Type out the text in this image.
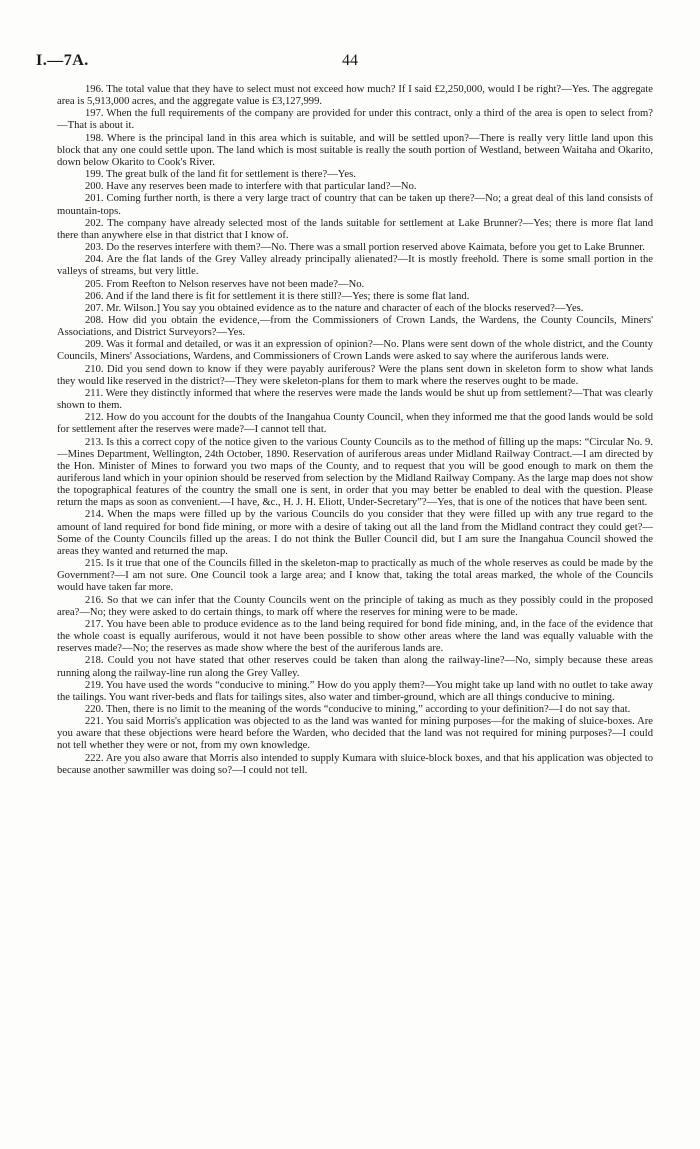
I.—7A.	44

196. The total value that they have to select must not exceed how much? If I said £2,250,000, would I be right?—Yes. The aggregate area is 5,913,000 acres, and the aggregate value is £3,127,999.

197. When the full requirements of the company are provided for under this contract, only a third of the area is open to select from?—That is about it.

198. Where is the principal land in this area which is suitable, and will be settled upon?—There is really very little land upon this block that any one could settle upon. The land which is most suitable is really the south portion of Westland, between Waitaha and Okarito, down below Okarito to Cook's River.

199. The great bulk of the land fit for settlement is there?—Yes.

200. Have any reserves been made to interfere with that particular land?—No.

201. Coming further north, is there a very large tract of country that can be taken up there?—No; a great deal of this land consists of mountain-tops.

202. The company have already selected most of the lands suitable for settlement at Lake Brunner?—Yes; there is more flat land there than anywhere else in that district that I know of.

203. Do the reserves interfere with them?—No. There was a small portion reserved above Kaimata, before you get to Lake Brunner.

204. Are the flat lands of the Grey Valley already principally alienated?—It is mostly freehold. There is some small portion in the valleys of streams, but very little.

205. From Reefton to Nelson reserves have not been made?—No.

206. And if the land there is fit for settlement it is there still?—Yes; there is some flat land.

207. Mr. Wilson.] You say you obtained evidence as to the nature and character of each of the blocks reserved?—Yes.

208. How did you obtain the evidence,—from the Commissioners of Crown Lands, the Wardens, the County Councils, Miners' Associations, and District Surveyors?—Yes.

209. Was it formal and detailed, or was it an expression of opinion?—No. Plans were sent down of the whole district, and the County Councils, Miners' Associations, Wardens, and Commissioners of Crown Lands were asked to say where the auriferous lands were.

210. Did you send down to know if they were payably auriferous? Were the plans sent down in skeleton form to show what lands they would like reserved in the district?—They were skeleton-plans for them to mark where the reserves ought to be made.

211. Were they distinctly informed that where the reserves were made the lands would be shut up from settlement?—That was clearly shown to them.

212. How do you account for the doubts of the Inangahua County Council, when they informed me that the good lands would be sold for settlement after the reserves were made?—I cannot tell that.

213. Is this a correct copy of the notice given to the various County Councils as to the method of filling up the maps: “Circular No. 9.—Mines Department, Wellington, 24th October, 1890. Reservation of auriferous areas under Midland Railway Contract.—I am directed by the Hon. Minister of Mines to forward you two maps of the County, and to request that you will be good enough to mark on them the auriferous land which in your opinion should be reserved from selection by the Midland Railway Company. As the large map does not show the topographical features of the country the small one is sent, in order that you may better be enabled to deal with the question. Please return the maps as soon as convenient.—I have, &c., H. J. H. Eliott, Under-Secretary”?—Yes, that is one of the notices that have been sent.

214. When the maps were filled up by the various Councils do you consider that they were filled up with any true regard to the amount of land required for bond fide mining, or more with a desire of taking out all the land from the Midland contract they could get?—Some of the County Councils filled up the areas. I do not think the Buller Council did, but I am sure the Inangahua Council showed the areas they wanted and returned the map.

215. Is it true that one of the Councils filled in the skeleton-map to practically as much of the whole reserves as could be made by the Government?—I am not sure. One Council took a large area; and I know that, taking the total areas marked, the whole of the Councils would have taken far more.

216. So that we can infer that the County Councils went on the principle of taking as much as they possibly could in the proposed area?—No; they were asked to do certain things, to mark off where the reserves for mining were to be made.

217. You have been able to produce evidence as to the land being required for bond fide mining, and, in the face of the evidence that the whole coast is equally auriferous, would it not have been possible to show other areas where the land was equally valuable with the reserves made?—No; the reserves as made show where the best of the auriferous lands are.

218. Could you not have stated that other reserves could be taken than along the railway-line?—No, simply because these areas running along the railway-line run along the Grey Valley.

219. You have used the words “conducive to mining.” How do you apply them?—You might take up land with no outlet to take away the tailings. You want river-beds and flats for tailings sites, also water and timber-ground, which are all things conducive to mining.

220. Then, there is no limit to the meaning of the words “conducive to mining,” according to your definition?—I do not say that.

221. You said Morris's application was objected to as the land was wanted for mining purposes—for the making of sluice-boxes. Are you aware that these objections were heard before the Warden, who decided that the land was not required for mining purposes?—I could not tell whether they were or not, from my own knowledge.

222. Are you also aware that Morris also intended to supply Kumara with sluice-block boxes, and that his application was objected to because another sawmiller was doing so?—I could not tell.
